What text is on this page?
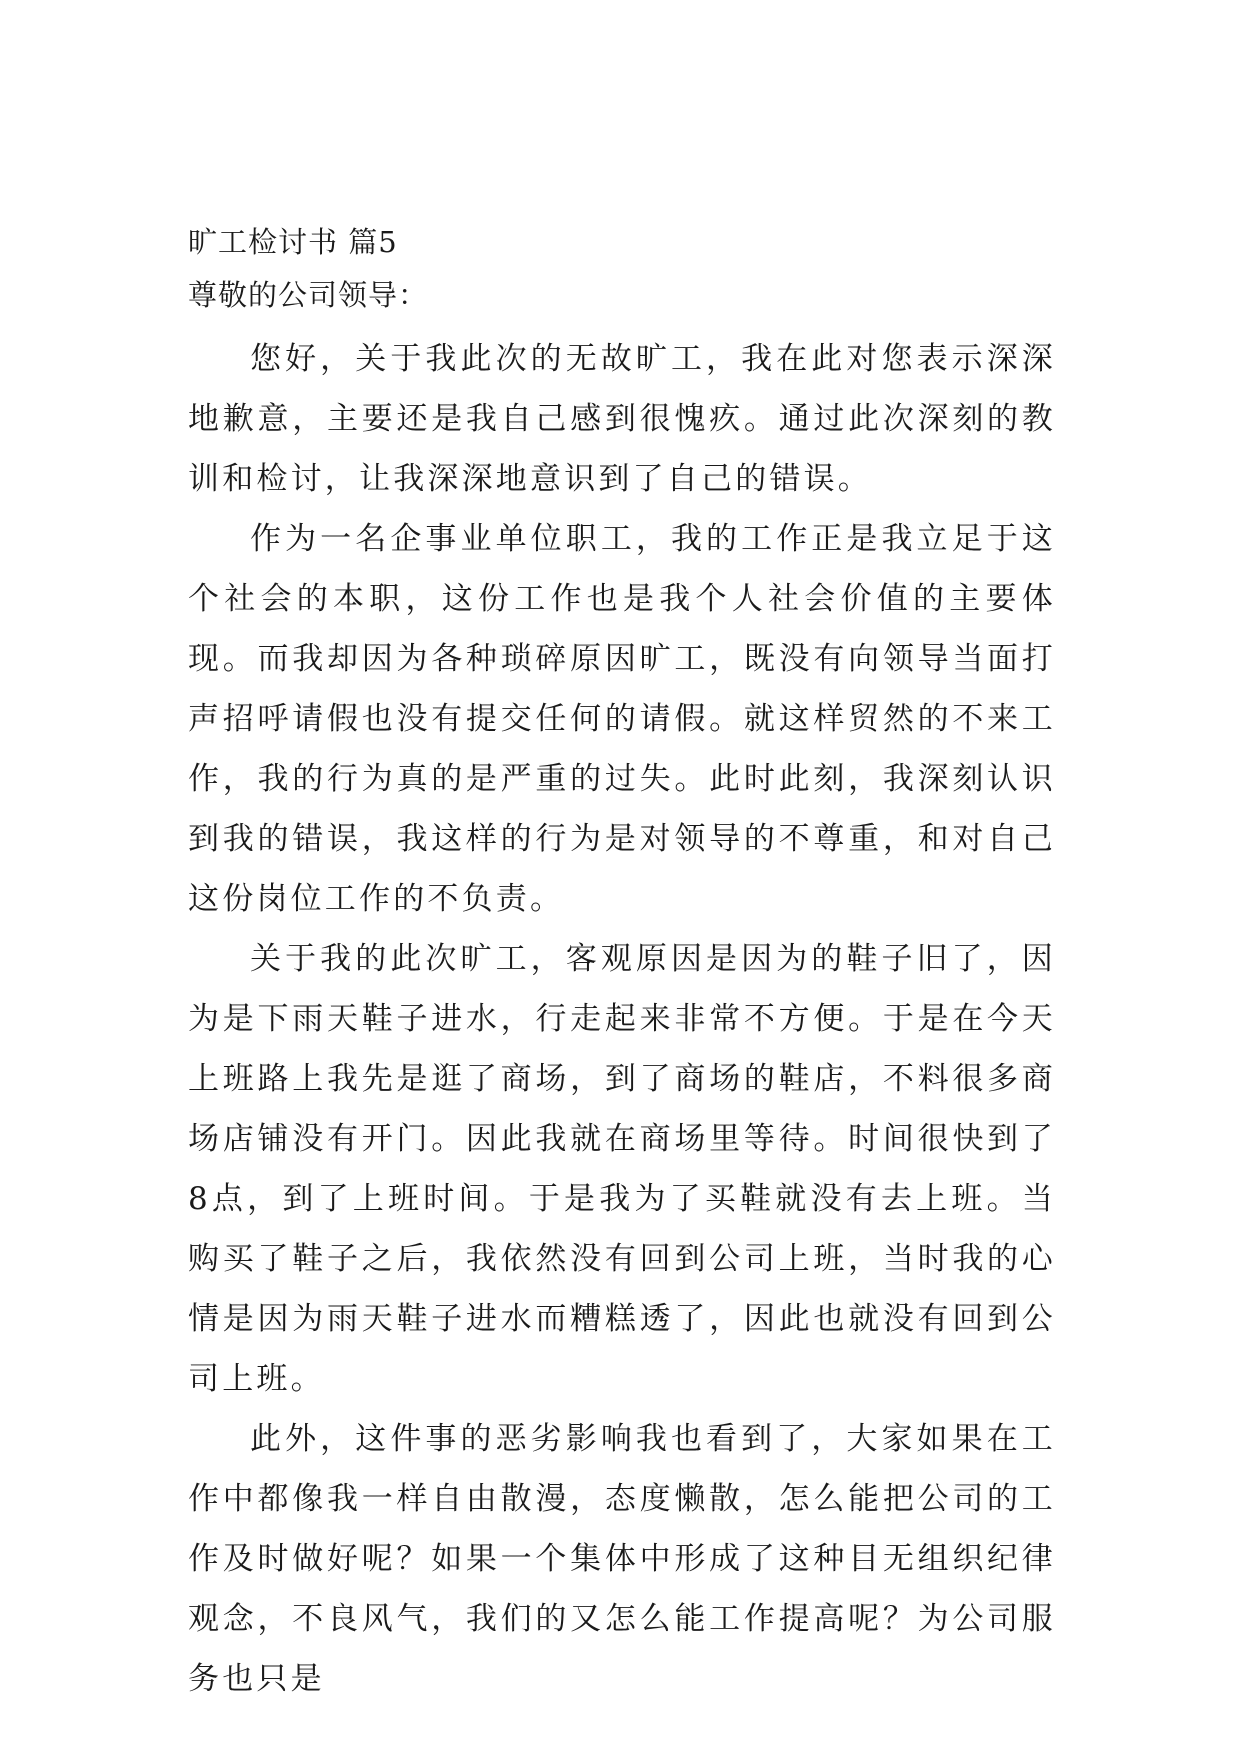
旷工检讨书 篇5
尊敬的公司领导：

您好，关于我此次的无故旷工，我在此对您表示深深地歉意，主要还是我自己感到很愧疚。通过此次深刻的教训和检讨，让我深深地意识到了自己的错误。

作为一名企事业单位职工，我的工作正是我立足于这个社会的本职，这份工作也是我个人社会价值的主要体现。而我却因为各种琐碎原因旷工，既没有向领导当面打声招呼请假也没有提交任何的请假。就这样贸然的不来工作，我的行为真的是严重的过失。此时此刻，我深刻认识到我的错误，我这样的行为是对领导的不尊重，和对自己这份岗位工作的不负责。

关于我的此次旷工，客观原因是因为的鞋子旧了，因为是下雨天鞋子进水，行走起来非常不方便。于是在今天上班路上我先是逛了商场，到了商场的鞋店，不料很多商场店铺没有开门。因此我就在商场里等待。时间很快到了8点，到了上班时间。于是我为了买鞋就没有去上班。当购买了鞋子之后，我依然没有回到公司上班，当时我的心情是因为雨天鞋子进水而糟糕透了，因此也就没有回到公司上班。

此外，这件事的恶劣影响我也看到了，大家如果在工作中都像我一样自由散漫，态度懒散，怎么能把公司的工作及时做好呢？如果一个集体中形成了这种目无组织纪律观念，不良风气，我们的又怎么能工作提高呢？为公司服务也只是
